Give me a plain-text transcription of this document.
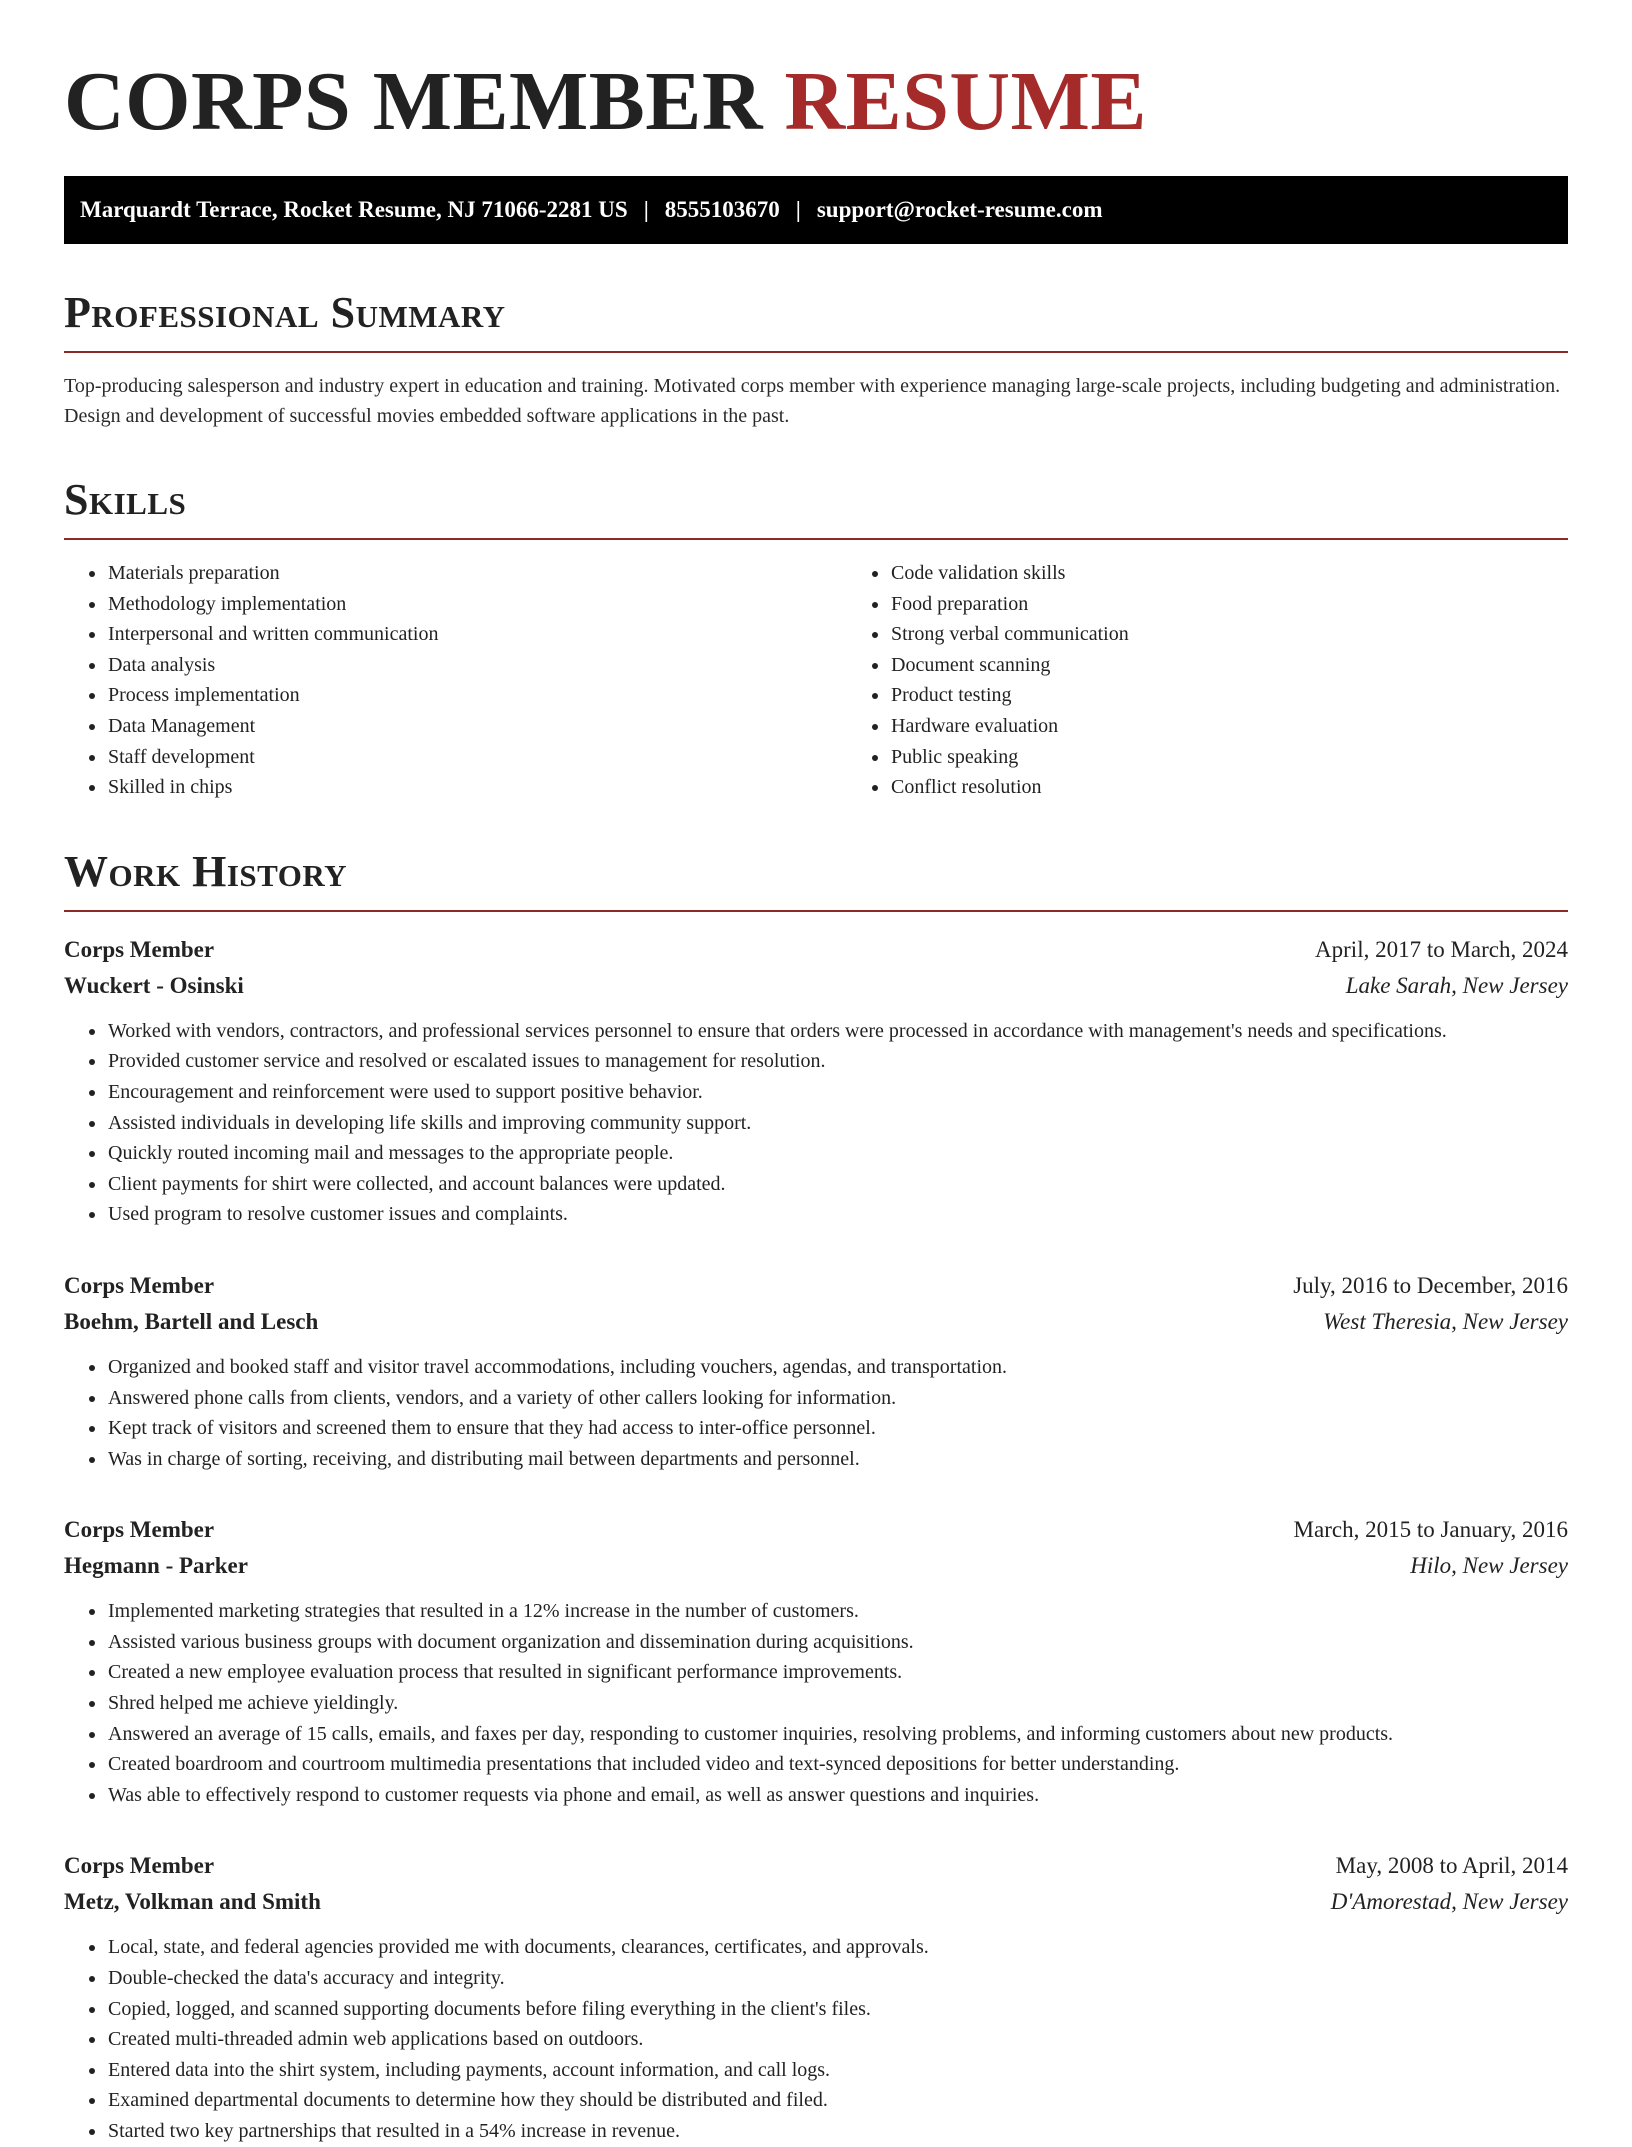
CORPS MEMBER RESUME
Marquardt Terrace, Rocket Resume, NJ 71066-2281 US | 8555103670 | support@rocket-resume.com
Professional Summary

Top-producing salesperson and industry expert in education and training. Motivated corps member with experience managing large-scale projects, including budgeting and administration. Design and development of successful movies embedded software applications in the past.

Skills
• Materials preparation
• Methodology implementation
• Interpersonal and written communication
• Data analysis
• Process implementation
• Data Management
• Staff development
• Skilled in chips
• Code validation skills
• Food preparation
• Strong verbal communication
• Document scanning
• Product testing
• Hardware evaluation
• Public speaking
• Conflict resolution
Work History
Corps Member	April, 2017 to March, 2024
Wuckert - Osinski	Lake Sarah, New Jersey
• Worked with vendors, contractors, and professional services personnel to ensure that orders were processed in accordance with management's needs and specifications.
• Provided customer service and resolved or escalated issues to management for resolution.
• Encouragement and reinforcement were used to support positive behavior.
• Assisted individuals in developing life skills and improving community support.
• Quickly routed incoming mail and messages to the appropriate people.
• Client payments for shirt were collected, and account balances were updated.
• Used program to resolve customer issues and complaints.
Corps Member	July, 2016 to December, 2016
Boehm, Bartell and Lesch	West Theresia, New Jersey
• Organized and booked staff and visitor travel accommodations, including vouchers, agendas, and transportation.
• Answered phone calls from clients, vendors, and a variety of other callers looking for information.
• Kept track of visitors and screened them to ensure that they had access to inter-office personnel.
• Was in charge of sorting, receiving, and distributing mail between departments and personnel.
Corps Member	March, 2015 to January, 2016
Hegmann - Parker	Hilo, New Jersey
• Implemented marketing strategies that resulted in a 12% increase in the number of customers.
• Assisted various business groups with document organization and dissemination during acquisitions.
• Created a new employee evaluation process that resulted in significant performance improvements.
• Shred helped me achieve yieldingly.
• Answered an average of 15 calls, emails, and faxes per day, responding to customer inquiries, resolving problems, and informing customers about new products.
• Created boardroom and courtroom multimedia presentations that included video and text-synced depositions for better understanding.
• Was able to effectively respond to customer requests via phone and email, as well as answer questions and inquiries.
Corps Member	May, 2008 to April, 2014
Metz, Volkman and Smith	D'Amorestad, New Jersey
• Local, state, and federal agencies provided me with documents, clearances, certificates, and approvals.
• Double-checked the data's accuracy and integrity.
• Copied, logged, and scanned supporting documents before filing everything in the client's files.
• Created multi-threaded admin web applications based on outdoors.
• Entered data into the shirt system, including payments, account information, and call logs.
• Examined departmental documents to determine how they should be distributed and filed.
• Started two key partnerships that resulted in a 54% increase in revenue.
